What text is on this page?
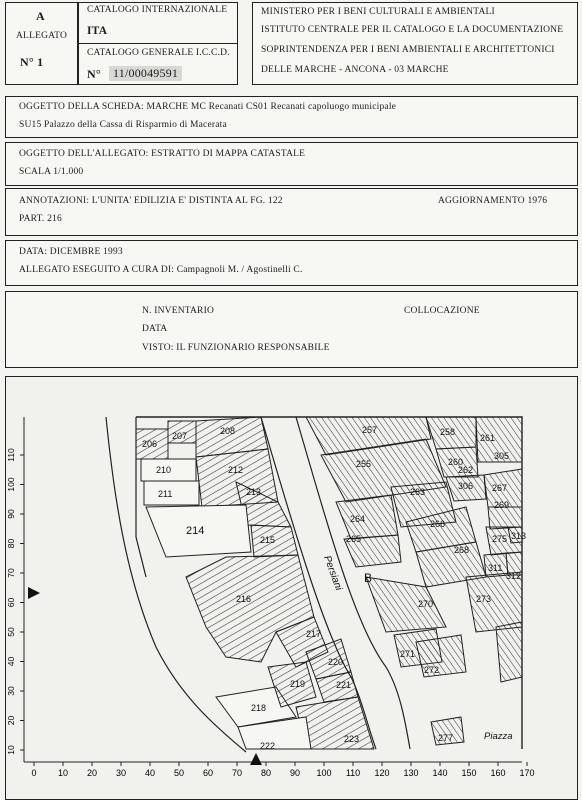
A
ALLEGATO
N° 1
CATALOGO INTERNAZIONALE
ITA
CATALOGO GENERALE I.C.C.D.
N°	11/00049591
MINISTERO PER I BENI CULTURALI E AMBIENTALI
ISTITUTO CENTRALE PER IL CATALOGO E LA DOCUMENTAZIONE
SOPRINTENDENZA PER I BENI AMBIENTALI E ARCHITETTONICI
DELLE MARCHE - ANCONA - 03 MARCHE
OGGETTO DELLA SCHEDA: MARCHE MC Recanati CS01 Recanati capoluogo municipale
SU15 Palazzo della Cassa di Risparmio di Macerata
OGGETTO DELL'ALLEGATO: ESTRATTO DI MAPPA CATASTALE
SCALA 1/1.000
ANNOTAZIONI: L'UNITA' EDILIZIA E' DISTINTA AL FG. 122
PART. 216
AGGIORNAMENTO 1976
DATA: DICEMBRE 1993
ALLEGATO ESEGUITO A CURA DI: Campagnoli M. / Agostinelli C.
N. INVENTARIO	COLLOCAZIONE
DATA
VISTO: IL FUNZIONARIO RESPONSABILE
206
207	208
210
211
212
213
214
215
216
217
218
219
220
221
222
223
255
257	258
260
261
262
263
264
265
266
267
268
269
270
271
272
273
275
277
305
306
311
312
313
Persiani
Piazza
B
0 10 20 30 40 50 60 70 80 90 100 110 120 130 140 150 160 170
110
100
90
80
70
60
50
40
30
20
10
